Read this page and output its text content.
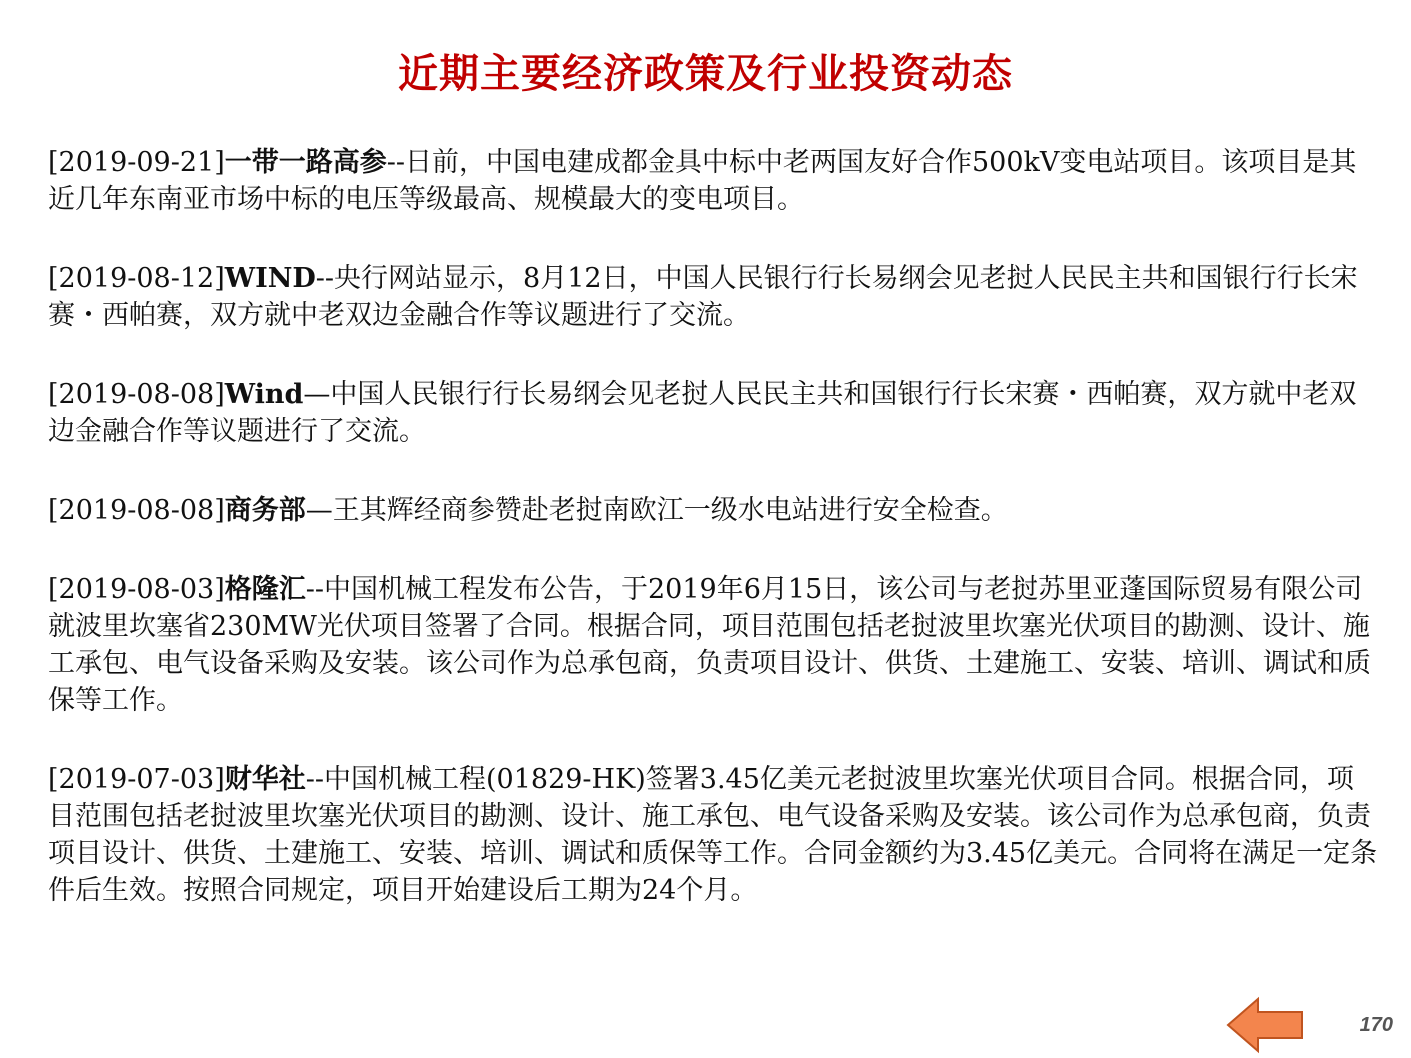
近期主要经济政策及行业投资动态

[2019-09-21]一带一路高参--日前，中国电建成都金具中标中老两国友好合作500kV变电站项目。该项目是其近几年东南亚市场中标的电压等级最高、规模最大的变电项目。

[2019-08-12]WIND--央行网站显示，8月12日，中国人民银行行长易纲会见老挝人民民主共和国银行行长宋赛・西帕赛，双方就中老双边金融合作等议题进行了交流。

[2019-08-08]Wind—中国人民银行行长易纲会见老挝人民民主共和国银行行长宋赛・西帕赛，双方就中老双边金融合作等议题进行了交流。

[2019-08-08]商务部—王其辉经商参赞赴老挝南欧江一级水电站进行安全检查。

[2019-08-03]格隆汇--中国机械工程发布公告，于2019年6月15日，该公司与老挝苏里亚蓬国际贸易有限公司就波里坎塞省230MW光伏项目签署了合同。根据合同，项目范围包括老挝波里坎塞光伏项目的勘测、设计、施工承包、电气设备采购及安装。该公司作为总承包商，负责项目设计、供货、土建施工、安装、培训、调试和质保等工作。

[2019-07-03]财华社--中国机械工程(01829-HK)签署3.45亿美元老挝波里坎塞光伏项目合同。根据合同，项目范围包括老挝波里坎塞光伏项目的勘测、设计、施工承包、电气设备采购及安装。该公司作为总承包商，负责项目设计、供货、土建施工、安装、培训、调试和质保等工作。合同金额约为3.45亿美元。合同将在满足一定条件后生效。按照合同规定，项目开始建设后工期为24个月。

170
